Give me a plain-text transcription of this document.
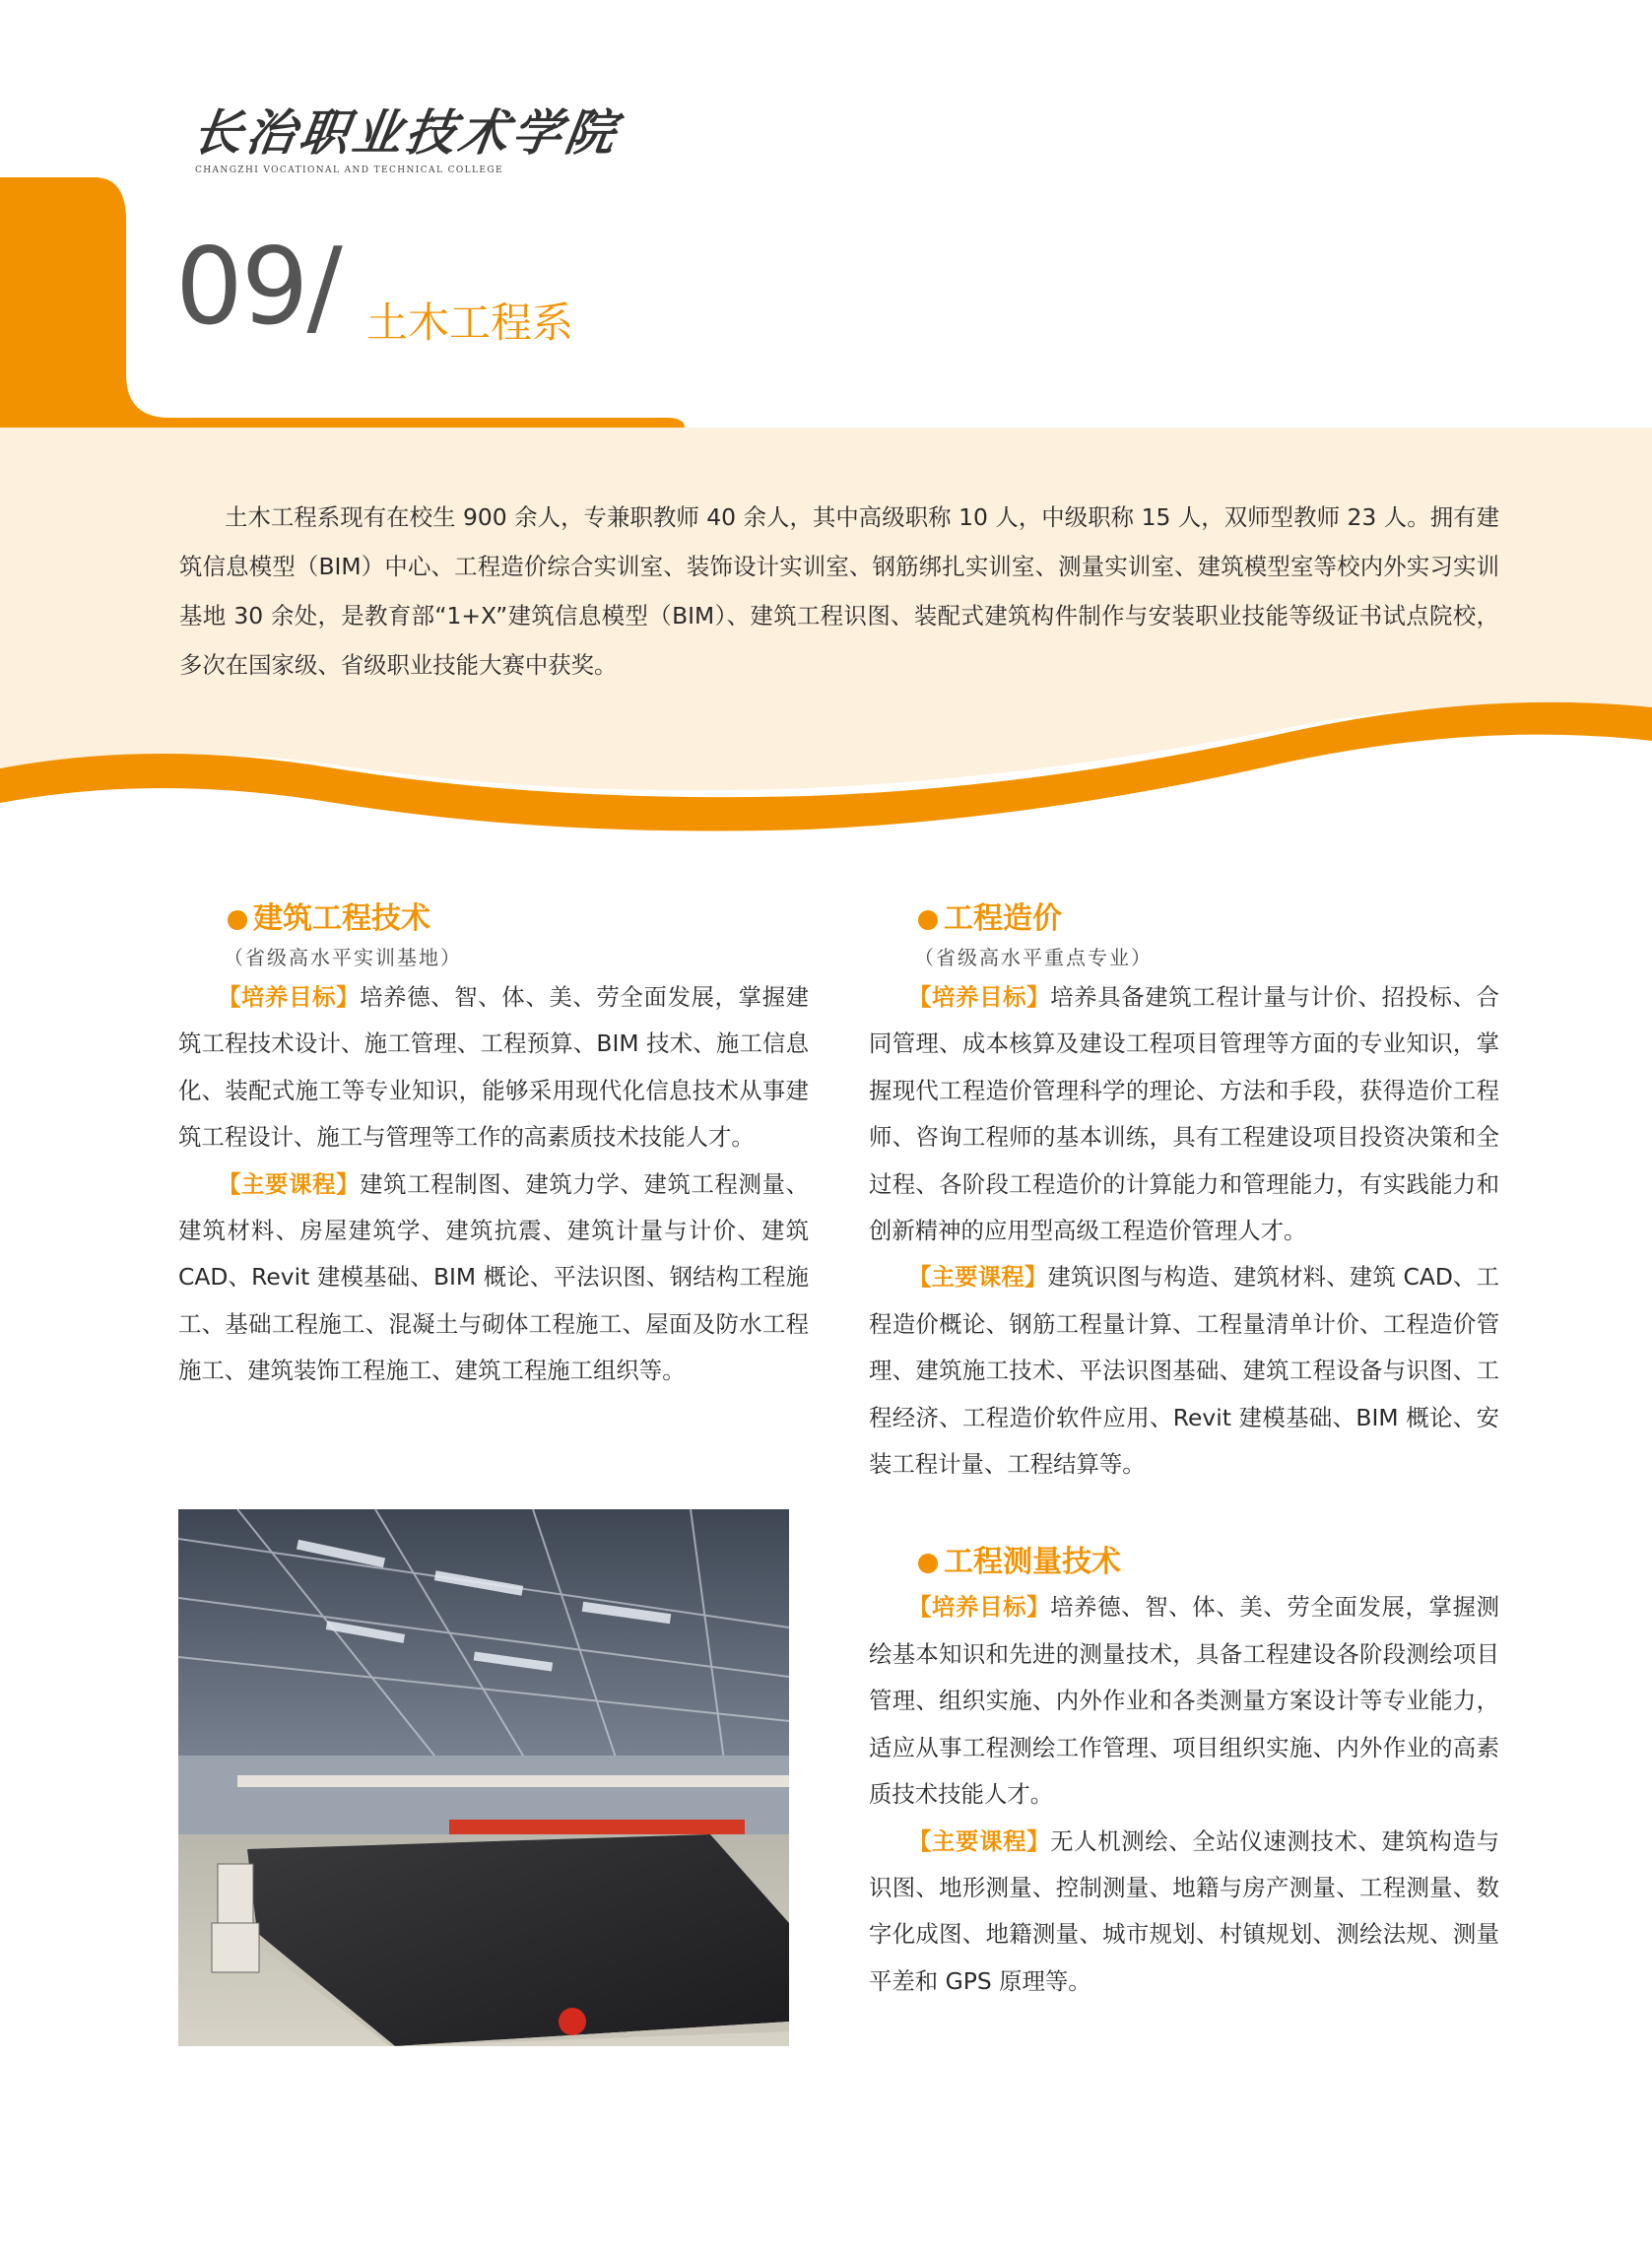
长治职业技术学院
CHANGZHI VOCATIONAL AND TECHNICAL COLLEGE
09/ 土木工程系

土木工程系现有在校生 900 余人，专兼职教师 40 余人，其中高级职称 10 人，中级职称 15 人，双师型教师 23 人。拥有建筑信息模型（BIM）中心、工程造价综合实训室、装饰设计实训室、钢筋绑扎实训室、测量实训室、建筑模型室等校内外实习实训基地 30 余处，是教育部“1+X”建筑信息模型（BIM）、建筑工程识图、装配式建筑构件制作与安装职业技能等级证书试点院校，多次在国家级、省级职业技能大赛中获奖。

建筑工程技术
（省级高水平实训基地）

【培养目标】培养德、智、体、美、劳全面发展，掌握建筑工程技术设计、施工管理、工程预算、BIM 技术、施工信息化、装配式施工等专业知识，能够采用现代化信息技术从事建筑工程设计、施工与管理等工作的高素质技术技能人才。

【主要课程】建筑工程制图、建筑力学、建筑工程测量、建筑材料、房屋建筑学、建筑抗震、建筑计量与计价、建筑 CAD、Revit 建模基础、BIM 概论、平法识图、钢结构工程施工、基础工程施工、混凝土与砌体工程施工、屋面及防水工程施工、建筑装饰工程施工、建筑工程施工组织等。

工程造价
（省级高水平重点专业）

【培养目标】培养具备建筑工程计量与计价、招投标、合同管理、成本核算及建设工程项目管理等方面的专业知识，掌握现代工程造价管理科学的理论、方法和手段，获得造价工程师、咨询工程师的基本训练，具有工程建设项目投资决策和全过程、各阶段工程造价的计算能力和管理能力，有实践能力和创新精神的应用型高级工程造价管理人才。

【主要课程】建筑识图与构造、建筑材料、建筑 CAD、工程造价概论、钢筋工程量计算、工程量清单计价、工程造价管理、建筑施工技术、平法识图基础、建筑工程设备与识图、工程经济、工程造价软件应用、Revit 建模基础、BIM 概论、安装工程计量、工程结算等。

工程测量技术

【培养目标】培养德、智、体、美、劳全面发展，掌握测绘基本知识和先进的测量技术，具备工程建设各阶段测绘项目管理、组织实施、内外作业和各类测量方案设计等专业能力，适应从事工程测绘工作管理、项目组织实施、内外作业的高素质技术技能人才。

【主要课程】无人机测绘、全站仪速测技术、建筑构造与识图、地形测量、控制测量、地籍与房产测量、工程测量、数字化成图、地籍测量、城市规划、村镇规划、测绘法规、测量平差和 GPS 原理等。
